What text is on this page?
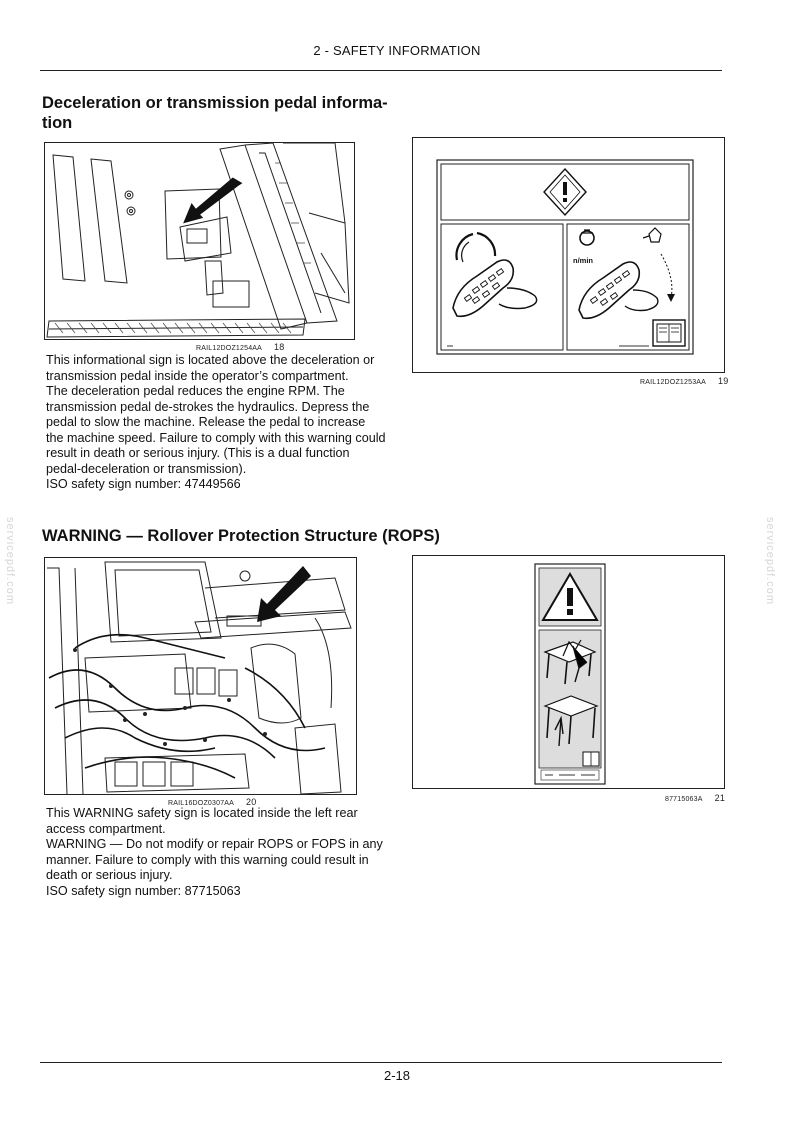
2 - SAFETY INFORMATION
Deceleration or transmission pedal informa-
tion
RAIL12DOZ1254AA 18
n/min
RAIL12DOZ1253AA 19

This informational sign is located above the deceleration or transmission pedal inside the operator’s compartment.

The deceleration pedal reduces the engine RPM. The transmission pedal de-strokes the hydraulics. Depress the pedal to slow the machine. Release the pedal to increase the machine speed. Failure to comply with this warning could result in death or serious injury. (This is a dual function pedal-deceleration or transmission).

ISO safety sign number: 47449566

WARNING — Rollover Protection Structure (ROPS)
RAIL16DOZ0307AA 20	87715063A 21

This WARNING safety sign is located inside the left rear access compartment.

WARNING — Do not modify or repair ROPS or FOPS in any manner. Failure to comply with this warning could result in death or serious injury.

ISO safety sign number: 87715063

servicepdf.com	servicepdf.com
2-18
